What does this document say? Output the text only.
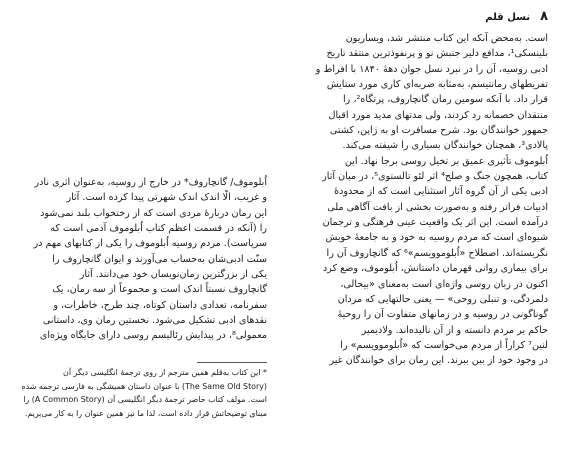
۸
نسل قلم
است. به‌محض آنکه این کتاب منتشر شد، ویساریون
بلینسکی¹، مدافع دلیر جنبش نو و پرنفوذترین منتقد تاریخ
ادبی روسیه، آن را در نبرد نسل جوان دههٔ ۱۸۴۰ با افراط و
تفریطهای رمانتیسم، به‌مثابه ضربه‌ای کاری مورد ستایش
قرار داد. با آنکه سومین رمان گانچاروف، پرتگاه²، را
منتقدان خصمانه رد کردند، ولی مدتهای مدید مورد اقبال
جمهور خوانندگان بود. شرح مسافرت او به ژاپن، کشتی
پالادی³، همچنان خوانندگان بسیاری را شیفته می‌کند.
اُبلوموف تأثیری عمیق بر تخیل روسی برجا نهاد. این
کتاب، همچون جنگ و صلح⁴ اثر لئو تالستوی⁵، در میان آثار
ادبی یکی از آن گروه آثار استثنایی است که از محدودهٔ
ادبیات فراتر رفته و به‌صورت بخشی از بافت آگاهی ملی
درآمده است. این اثر یک واقعیت عینی فرهنگی و ترجمان
شیوه‌ای است که مردم روسیه به خود و به جامعهٔ خویش
نگریسته‌اند. اصطلاح «اُبلوموویسم»⁶ که گانچاروف آن را
برای بیماری روانی قهرمان داستانش، اُبلوموف، وضع کرد
اکنون در زبان روسی واژه‌ای است به‌معنای «بیحالی،
دلمردگی، و تنبلی روحی» — یعنی حالتهایی که مردان
گوناگونی در روسیه و در زمانهای متفاوت آن را روحیهٔ
حاکم بر مردم دانسته و از آن نالیده‌اند. ولادیمیر
لنین⁷ کراراً از مردم می‌خواست که «اُبلوموویسم» را
در وجود خود از بین ببرند. این رمان برای خوانندگان غیر
اُبلوموف/ گانچاروف* در خارج از روسیه، به‌عنوان اثری نادر
و غریب، الّا اندک اندک شهرتی پیدا کرده است. آثار
این رمان دربارهٔ مردی است که از رختخواب بلند نمی‌شود
را (آنکه در قسمت اعظم کتاب اُبلوموف آدمی است که
سرپاست). مردم روسیه اُبلوموف را یکی از کتابهای مهم در
سنّت ادبی‌شان به‌حساب می‌آورند و ایوان گانچاروف را
یکی از بزرگترین رمان‌نویسان خود می‌دانند. آثار
گانچاروف نسبتاً اندک است و مجموعاً از سه رمان، یک
سفرنامه، تعدادی داستان کوتاه، چند طرح، خاطرات، و
نقدهای ادبی تشکیل می‌شود. نخستین رمان وی، داستانی
معمولی⁸، در پیدایش رئالیسم روسی دارای جایگاه ویژه‌ای
* این کتاب به‌قلم همین مترجم از روی ترجمهٔ انگلیسی دیگر آن
(The Same Old Story) با عنوان داستان همیشگی به فارسی ترجمه شده
است. مولف کتاب حاضر ترجمهٔ دیگر انگلیسی آن (A Common Story) را
مبنای توضیحاتش قرار داده است، لذا ما نیز همین عنوان را به کار می‌بریم.
